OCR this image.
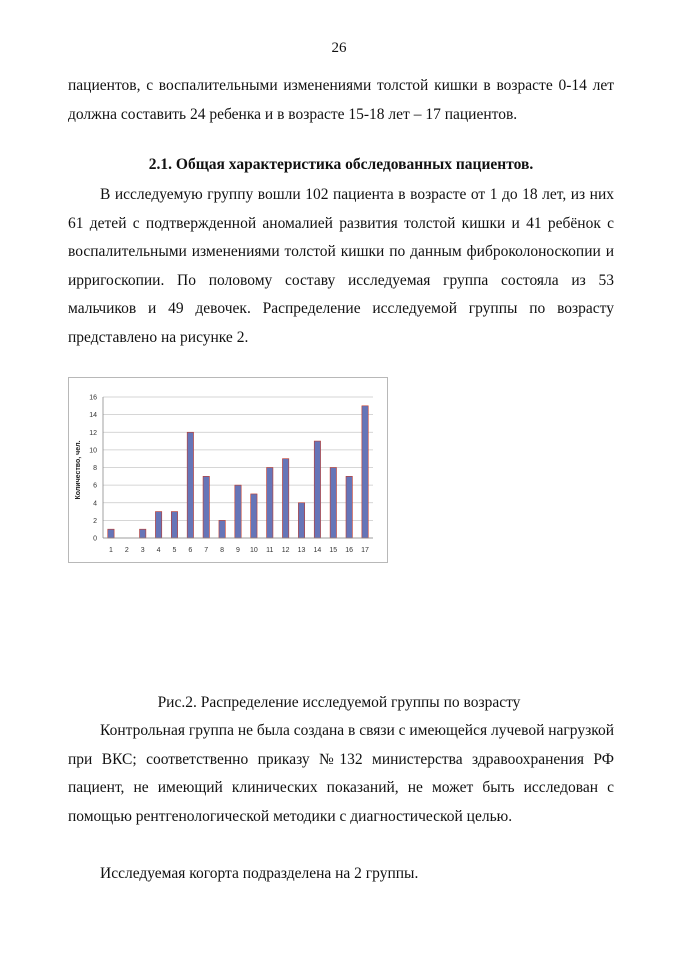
26

пациентов, с воспалительными изменениями толстой кишки в возрасте 0-14 лет должна составить 24 ребенка и в возрасте 15-18 лет – 17 пациентов.

2.1. Общая характеристика обследованных пациентов.

В исследуемую группу вошли 102 пациента в возрасте от 1 до 18 лет, из них 61 детей с подтвержденной аномалией развития толстой кишки и 41 ребёнок с воспалительными изменениями толстой кишки по данным фиброколоноскопии и ирригоскопии. По половому составу исследуемая группа состояла из 53 мальчиков и 49 девочек. Распределение исследуемой группы по возрасту представлено на рисунке 2.

Количество, чел.
0
2
4
6
8
10
12
14
16
1 2 3 4 5 6 7 8 9 10 11 12 13 14 15 16 17
Рис.2. Распределение исследуемой группы по возрасту

Контрольная группа не была создана в связи с имеющейся лучевой нагрузкой при ВКС; соответственно приказу №132 министерства здравоохранения РФ пациент, не имеющий клинических показаний, не может быть исследован с помощью рентгенологической методики с диагностической целью.

Исследуемая когорта подразделена на 2 группы.
